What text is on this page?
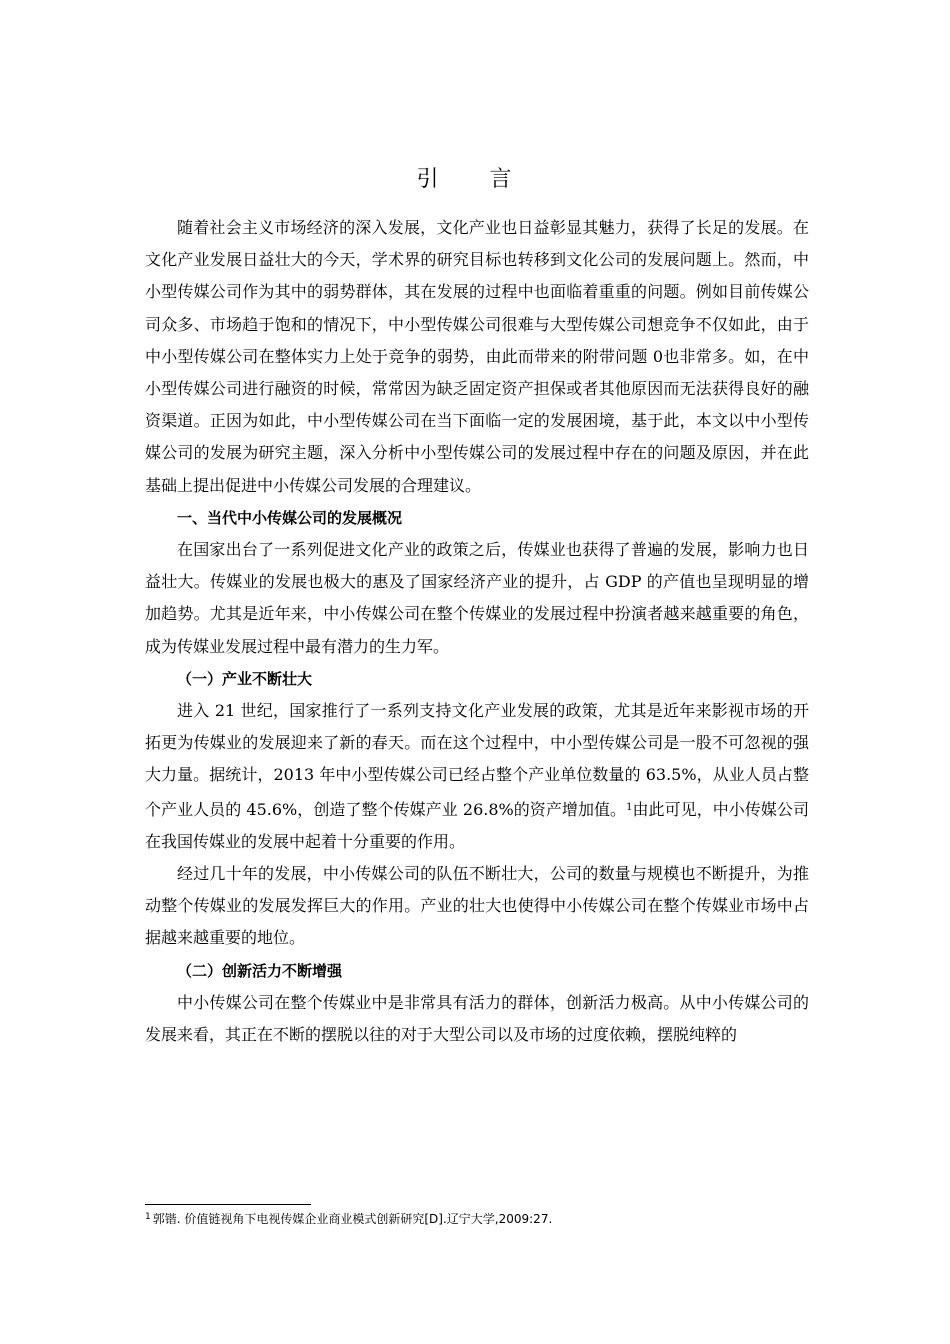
引 言

随着社会主义市场经济的深入发展，文化产业也日益彰显其魅力，获得了长足的发展。在文化产业发展日益壮大的今天，学术界的研究目标也转移到文化公司的发展问题上。然而，中小型传媒公司作为其中的弱势群体，其在发展的过程中也面临着重重的问题。例如目前传媒公司众多、市场趋于饱和的情况下，中小型传媒公司很难与大型传媒公司想竞争不仅如此，由于中小型传媒公司在整体实力上处于竞争的弱势，由此而带来的附带问题 0也非常多。如，在中小型传媒公司进行融资的时候，常常因为缺乏固定资产担保或者其他原因而无法获得良好的融资渠道。正因为如此，中小型传媒公司在当下面临一定的发展困境，基于此，本文以中小型传媒公司的发展为研究主题，深入分析中小型传媒公司的发展过程中存在的问题及原因，并在此基础上提出促进中小传媒公司发展的合理建议。

一、当代中小传媒公司的发展概况

在国家出台了一系列促进文化产业的政策之后，传媒业也获得了普遍的发展，影响力也日益壮大。传媒业的发展也极大的惠及了国家经济产业的提升，占 GDP 的产值也呈现明显的增加趋势。尤其是近年来，中小传媒公司在整个传媒业的发展过程中扮演者越来越重要的角色，成为传媒业发展过程中最有潜力的生力军。

（一）产业不断壮大

进入 21 世纪，国家推行了一系列支持文化产业发展的政策，尤其是近年来影视市场的开拓更为传媒业的发展迎来了新的春天。而在这个过程中，中小型传媒公司是一股不可忽视的强大力量。据统计，2013 年中小型传媒公司已经占整个产业单位数量的 63.5%，从业人员占整个产业人员的 45.6%，创造了整个传媒产业 26.8%的资产增加值。$^1$由此可见，中小传媒公司在我国传媒业的发展中起着十分重要的作用。

经过几十年的发展，中小传媒公司的队伍不断壮大，公司的数量与规模也不断提升，为推动整个传媒业的发展发挥巨大的作用。产业的壮大也使得中小传媒公司在整个传媒业市场中占据越来越重要的地位。

（二）创新活力不断增强

中小传媒公司在整个传媒业中是非常具有活力的群体，创新活力极高。从中小传媒公司的发展来看，其正在不断的摆脱以往的对于大型公司以及市场的过度依赖，摆脱纯粹的

$^1$ 郭锴. 价值链视角下电视传媒企业商业模式创新研究[D].辽宁大学,2009:27.
